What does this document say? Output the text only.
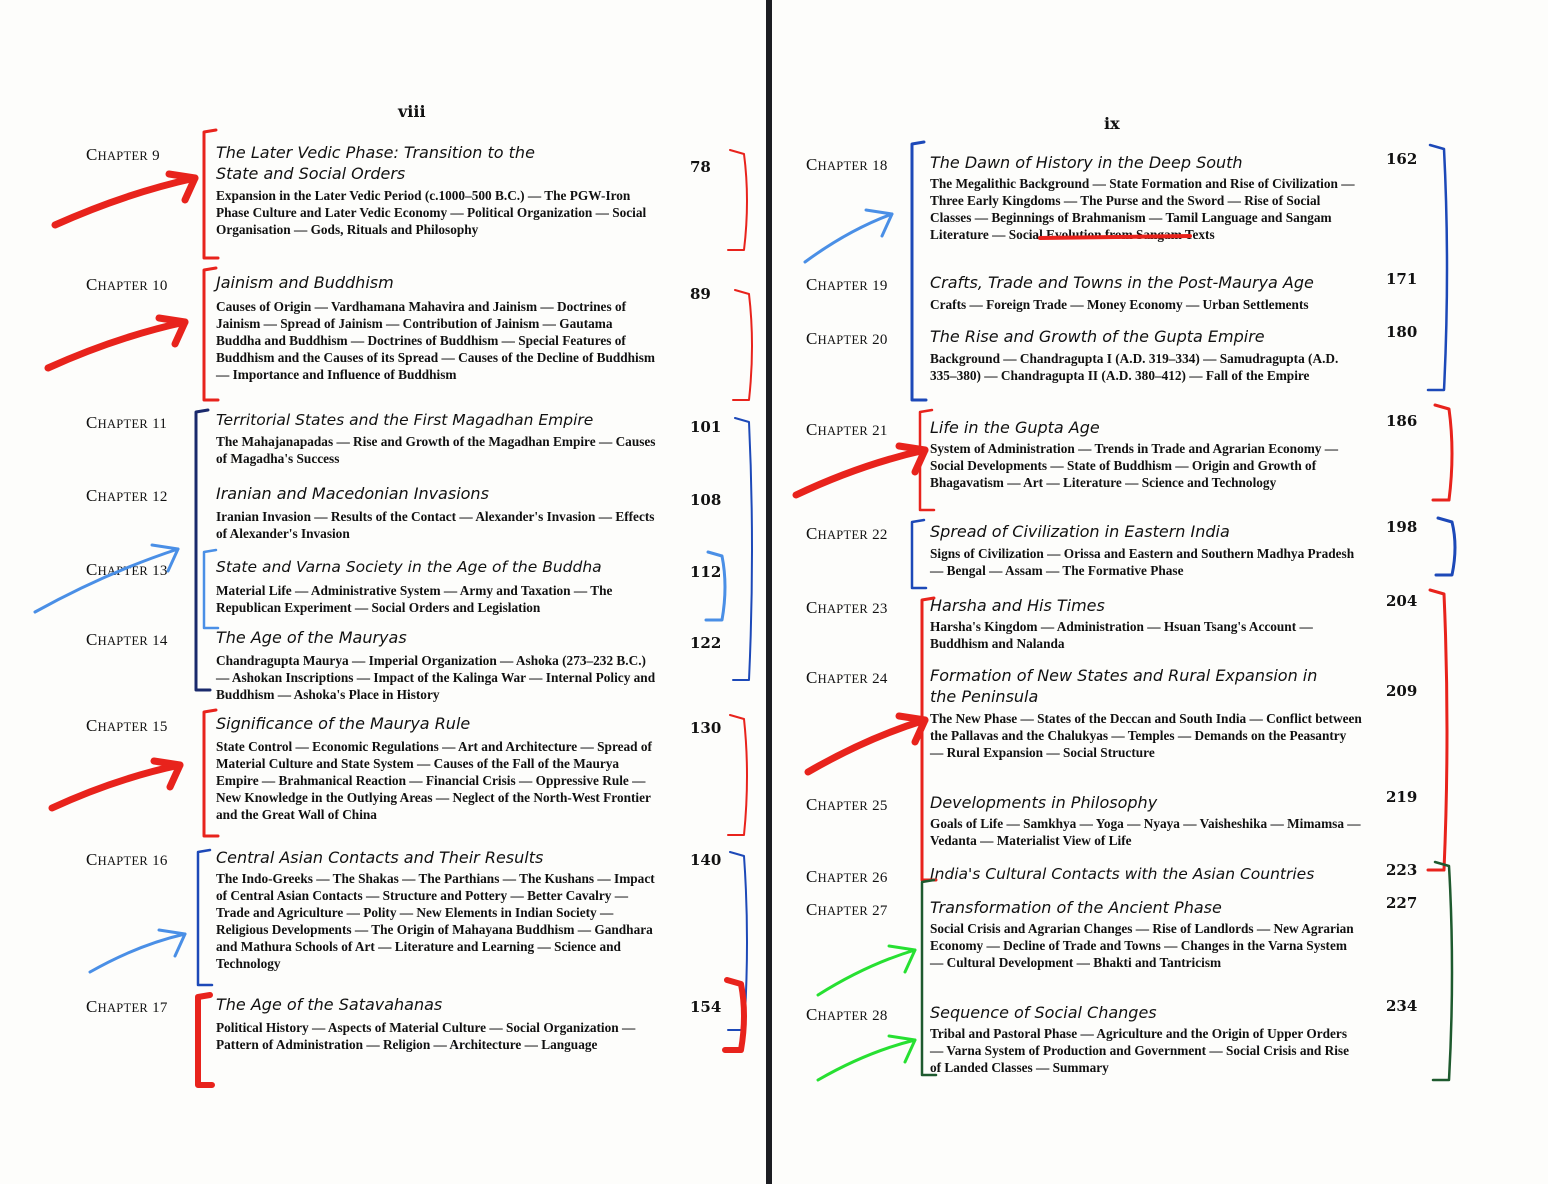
viii
CHAPTER 9	The Later Vedic Phase: Transition to the State and Social Orders
Expansion in the Later Vedic Period (c.1000–500 B.C.) — The PGW-Iron Phase Culture and Later Vedic Economy — Political Organization — Social Organisation — Gods, Rituals and Philosophy
78
CHAPTER 10	Jainism and Buddhism
Causes of Origin — Vardhamana Mahavira and Jainism — Doctrines of Jainism — Spread of Jainism — Contribution of Jainism — Gautama Buddha and Buddhism — Doctrines of Buddhism — Special Features of Buddhism and the Causes of its Spread — Causes of the Decline of Buddhism — Importance and Influence of Buddhism
89
CHAPTER 11	Territorial States and the First Magadhan Empire
The Mahajanapadas — Rise and Growth of the Magadhan Empire — Causes of Magadha's Success
101
CHAPTER 12	Iranian and Macedonian Invasions
Iranian Invasion — Results of the Contact — Alexander's Invasion — Effects of Alexander's Invasion
108
CHAPTER 13	State and Varna Society in the Age of the Buddha
Material Life — Administrative System — Army and Taxation — The Republican Experiment — Social Orders and Legislation
112
CHAPTER 14	The Age of the Mauryas
Chandragupta Maurya — Imperial Organization — Ashoka (273–232 B.C.) — Ashokan Inscriptions — Impact of the Kalinga War — Internal Policy and Buddhism — Ashoka's Place in History
122
CHAPTER 15	Significance of the Maurya Rule
State Control — Economic Regulations — Art and Architecture — Spread of Material Culture and State System — Causes of the Fall of the Maurya Empire — Brahmanical Reaction — Financial Crisis — Oppressive Rule — New Knowledge in the Outlying Areas — Neglect of the North-West Frontier and the Great Wall of China
130
CHAPTER 16	Central Asian Contacts and Their Results
The Indo-Greeks — The Shakas — The Parthians — The Kushans — Impact of Central Asian Contacts — Structure and Pottery — Better Cavalry — Trade and Agriculture — Polity — New Elements in Indian Society — Religious Developments — The Origin of Mahayana Buddhism — Gandhara and Mathura Schools of Art — Literature and Learning — Science and Technology
140
CHAPTER 17	The Age of the Satavahanas
Political History — Aspects of Material Culture — Social Organization — Pattern of Administration — Religion — Architecture — Language
154
ix
CHAPTER 18	The Dawn of History in the Deep South
The Megalithic Background — State Formation and Rise of Civilization — Three Early Kingdoms — The Purse and the Sword — Rise of Social Classes — Beginnings of Brahmanism — Tamil Language and Sangam Literature — Social Evolution from Sangam Texts
162
CHAPTER 19	Crafts, Trade and Towns in the Post-Maurya Age
Crafts — Foreign Trade — Money Economy — Urban Settlements
171
CHAPTER 20	The Rise and Growth of the Gupta Empire
Background — Chandragupta I (A.D. 319–334) — Samudragupta (A.D. 335–380) — Chandragupta II (A.D. 380–412) — Fall of the Empire
180
CHAPTER 21	Life in the Gupta Age
System of Administration — Trends in Trade and Agrarian Economy — Social Developments — State of Buddhism — Origin and Growth of Bhagavatism — Art — Literature — Science and Technology
186
CHAPTER 22	Spread of Civilization in Eastern India
Signs of Civilization — Orissa and Eastern and Southern Madhya Pradesh — Bengal — Assam — The Formative Phase
198
CHAPTER 23	Harsha and His Times
Harsha's Kingdom — Administration — Hsuan Tsang's Account — Buddhism and Nalanda
204
CHAPTER 24	Formation of New States and Rural Expansion in the Peninsula
The New Phase — States of the Deccan and South India — Conflict between the Pallavas and the Chalukyas — Temples — Demands on the Peasantry — Rural Expansion — Social Structure
209
CHAPTER 25	Developments in Philosophy
Goals of Life — Samkhya — Yoga — Nyaya — Vaisheshika — Mimamsa — Vedanta — Materialist View of Life
219
CHAPTER 26	India's Cultural Contacts with the Asian Countries	223
CHAPTER 27	Transformation of the Ancient Phase
Social Crisis and Agrarian Changes — Rise of Landlords — New Agrarian Economy — Decline of Trade and Towns — Changes in the Varna System — Cultural Development — Bhakti and Tantricism
227
CHAPTER 28	Sequence of Social Changes
Tribal and Pastoral Phase — Agriculture and the Origin of Upper Orders — Varna System of Production and Government — Social Crisis and Rise of Landed Classes — Summary
234
